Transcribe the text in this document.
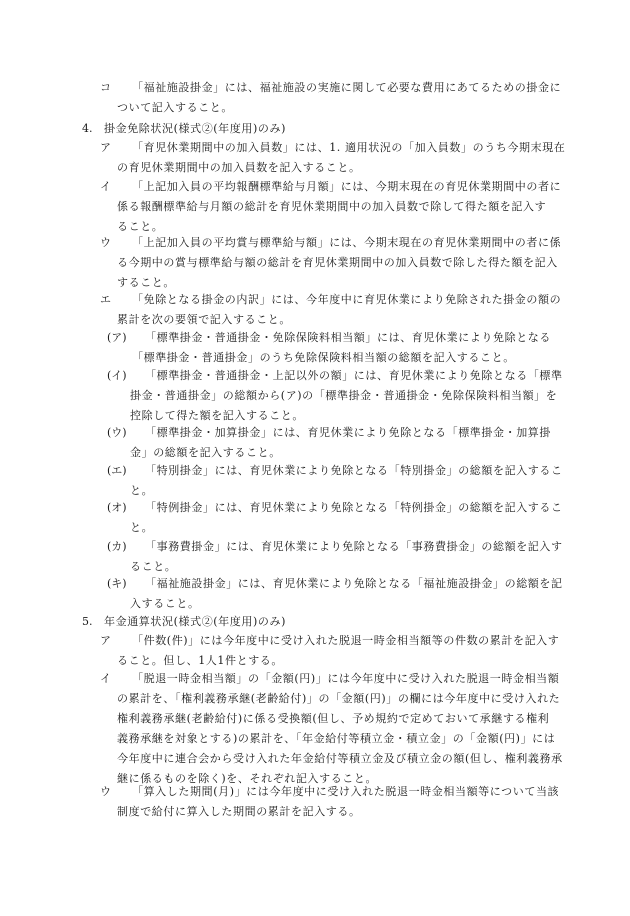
コ	「福祉施設掛金」には、福祉施設の実施に関して必要な費用にあてるための掛金に
ついて記入すること。
4.	掛金免除状況(様式②(年度用)のみ)
ア	「育児休業期間中の加入員数」には、1. 適用状況の「加入員数」のうち今期末現在
の育児休業期間中の加入員数を記入すること。
イ	「上記加入員の平均報酬標準給与月額」には、今期末現在の育児休業期間中の者に
係る報酬標準給与月額の総計を育児休業期間中の加入員数で除して得た額を記入す
ること。
ウ	「上記加入員の平均賞与標準給与額」には、今期末現在の育児休業期間中の者に係
る今期中の賞与標準給与額の総計を育児休業期間中の加入員数で除した得た額を記入
すること。
エ	「免除となる掛金の内訳」には、今年度中に育児休業により免除された掛金の額の
累計を次の要領で記入すること。
(ア)	「標準掛金・普通掛金・免除保険料相当額」には、育児休業により免除となる
「標準掛金・普通掛金」のうち免除保険料相当額の総額を記入すること。
(イ)	「標準掛金・普通掛金・上記以外の額」には、育児休業により免除となる「標準
掛金・普通掛金」の総額から(ア)の「標準掛金・普通掛金・免除保険料相当額」を
控除して得た額を記入すること。
(ウ)	「標準掛金・加算掛金」には、育児休業により免除となる「標準掛金・加算掛
金」の総額を記入すること。
(エ)	「特別掛金」には、育児休業により免除となる「特別掛金」の総額を記入するこ
と。
(オ)	「特例掛金」には、育児休業により免除となる「特例掛金」の総額を記入するこ
と。
(カ)	「事務費掛金」には、育児休業により免除となる「事務費掛金」の総額を記入す
ること。
(キ)	「福祉施設掛金」には、育児休業により免除となる「福祉施設掛金」の総額を記
入すること。
5.	年金通算状況(様式②(年度用)のみ)
ア	「件数(件)」には今年度中に受け入れた脱退一時金相当額等の件数の累計を記入す
ること。但し、1人1件とする。
イ	「脱退一時金相当額」の「金額(円)」には今年度中に受け入れた脱退一時金相当額
の累計を、「権利義務承継(老齢給付)」の「金額(円)」の欄には今年度中に受け入れた
権利義務承継(老齢給付)に係る受換額(但し、予め規約で定めておいて承継する権利
義務承継を対象とする)の累計を、「年金給付等積立金・積立金」の「金額(円)」には
今年度中に連合会から受け入れた年金給付等積立金及び積立金の額(但し、権利義務承
継に係るものを除く)を、それぞれ記入すること。
ウ	「算入した期間(月)」には今年度中に受け入れた脱退一時金相当額等について当該
制度で給付に算入した期間の累計を記入する。
